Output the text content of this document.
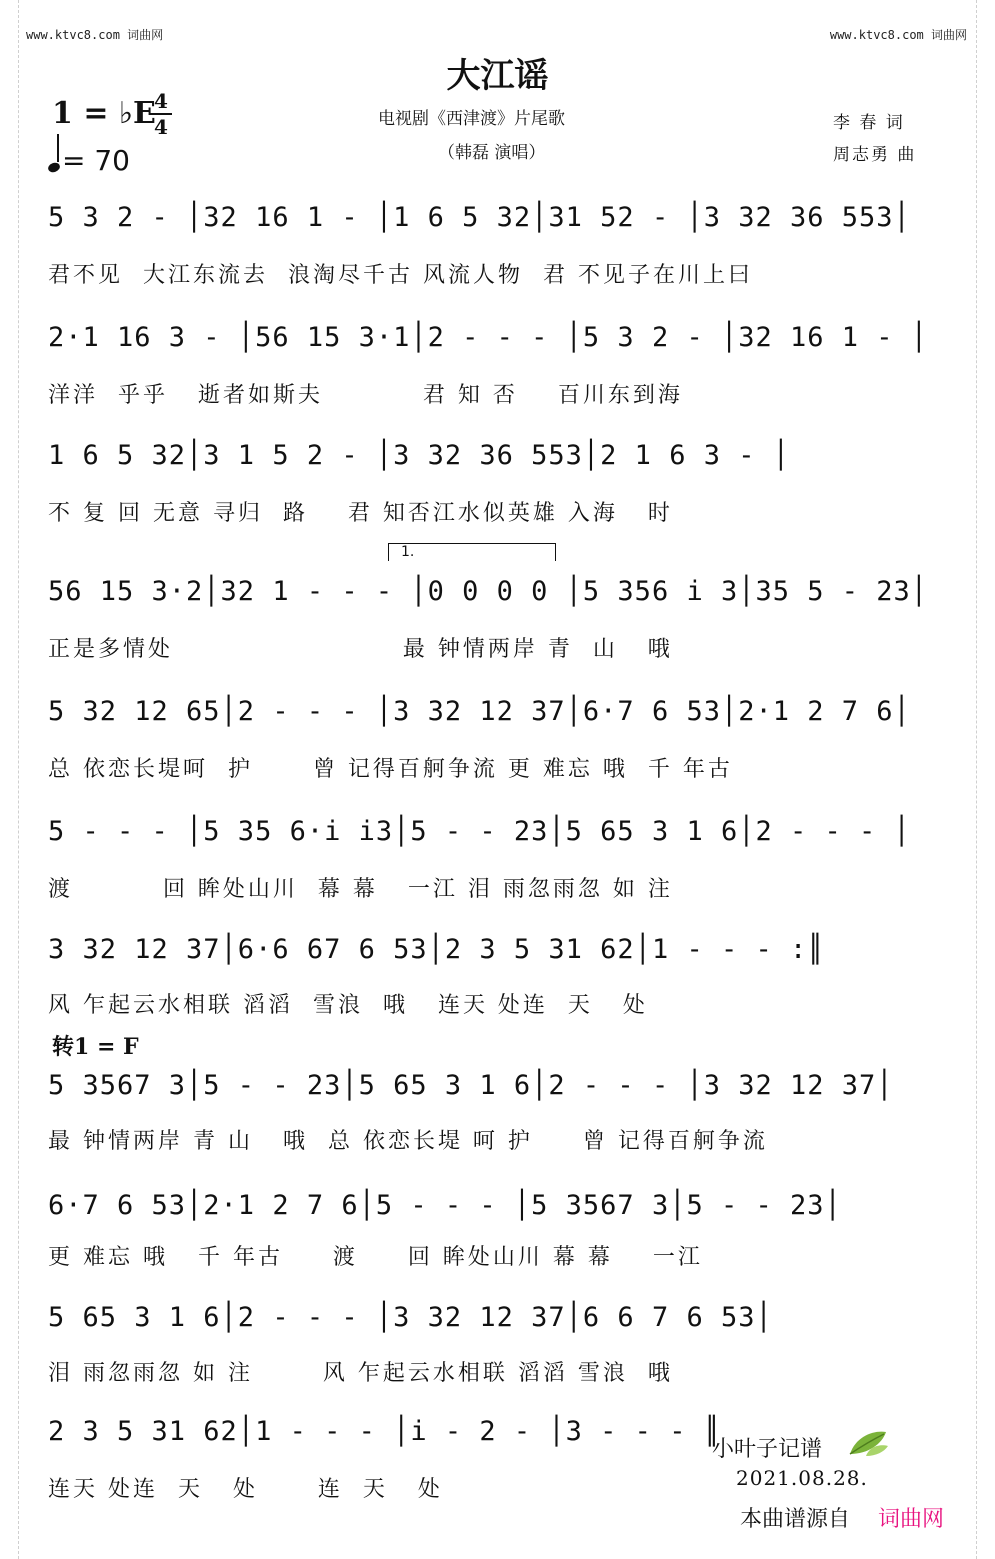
www.ktvc8.com 词曲网	www.ktvc8.com 词曲网
大江谣
1 = ♭E
4
4
= 70
电视剧《西津渡》片尾歌
（韩磊 演唱）
李 春 词
周志勇 曲
5 3 2 - │32 16 1 - │1 6 5 32│31 52 - │3 32 36 553│
君不见  大江东流去  浪淘尽千古 风流人物  君 不见子在川上曰
2·1 16 3 - │56 15 3·1│2 - - - │5 3 2 - │32 16 1 - │
洋洋  乎乎   逝者如斯夫          君 知 否    百川东到海
1 6 5 32│3 1 5 2 - │3 32 36 553│2 1 6 3 - │
不 复 回 无意 寻归  路    君 知否江水似英雄 入海   时
1.
56 15 3·2│32 1 - - - │0 0 0 0 │5 356 i 3│35 5 - 23│
正是多情处                       最 钟情两岸 青  山   哦
5 32 12 65│2 - - - │3 32 12 37│6·7 6 53│2·1 2 7 6│
总 依恋长堤呵  护      曾 记得百舸争流 更 难忘 哦  千 年古
5 - - - │5 35 6·i i3│5 - - 23│5 65 3 1 6│2 - - - │
渡         回 眸处山川  幕 幕   一江 泪 雨忽雨忽 如 注
3 32 12 37│6·6 67 6 53│2 3 5 31 62│1 - - - :║
风 乍起云水相联 滔滔  雪浪  哦   连天 处连  天   处
转1 = F
5 3567 3│5 - - 23│5 65 3 1 6│2 - - - │3 32 12 37│
最 钟情两岸 青 山   哦  总 依恋长堤 呵 护     曾 记得百舸争流
6·7 6 53│2·1 2 7 6│5 - - - │5 3567 3│5 - - 23│
更 难忘 哦   千 年古     渡     回 眸处山川 幕 幕    一江
5 65 3 1 6│2 - - - │3 32 12 37│6 6 7 6 53│
泪 雨忽雨忽 如 注       风 乍起云水相联 滔滔 雪浪  哦
2 3 5 31 62│1 - - - │i - 2 - │3 - - - ║
连天 处连  天   处      连  天   处
小叶子记谱
2021.08.28.
本曲谱源自 词曲网
